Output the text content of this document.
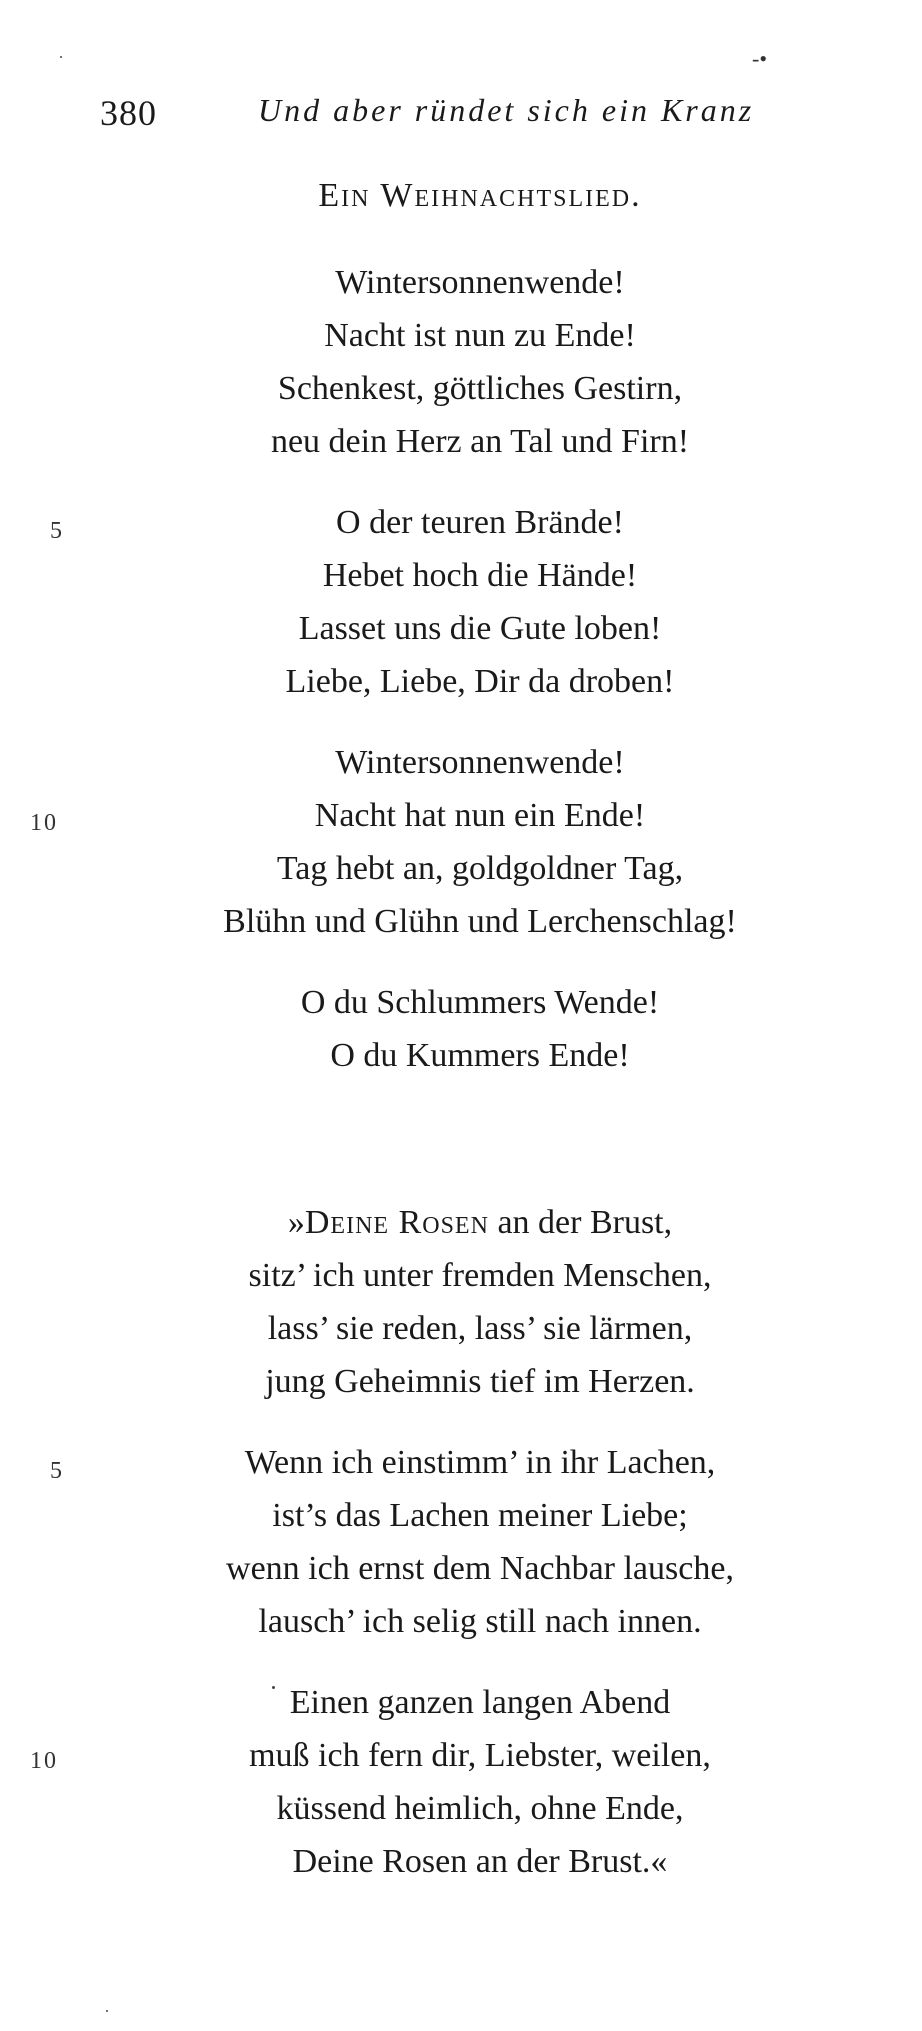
-•
380	Und aber ründet sich ein Kranz
Ein Weihnachtslied.
Wintersonnenwende!
Nacht ist nun zu Ende!
Schenkest, göttliches Gestirn,
neu dein Herz an Tal und Firn!
O der teuren Brände!
Hebet hoch die Hände!
Lasset uns die Gute loben!
Liebe, Liebe, Dir da droben!
5
Wintersonnenwende!
Nacht hat nun ein Ende!
Tag hebt an, goldgoldner Tag,
Blühn und Glühn und Lerchenschlag!
10
O du Schlummers Wende!
O du Kummers Ende!
»Deine Rosen an der Brust,
sitz’ ich unter fremden Menschen,
lass’ sie reden, lass’ sie lärmen,
jung Geheimnis tief im Herzen.
Wenn ich einstimm’ in ihr Lachen,
ist’s das Lachen meiner Liebe;
wenn ich ernst dem Nachbar lausche,
lausch’ ich selig still nach innen.
5
Einen ganzen langen Abend
muß ich fern dir, Liebster, weilen,
küssend heimlich, ohne Ende,
Deine Rosen an der Brust.«
10
